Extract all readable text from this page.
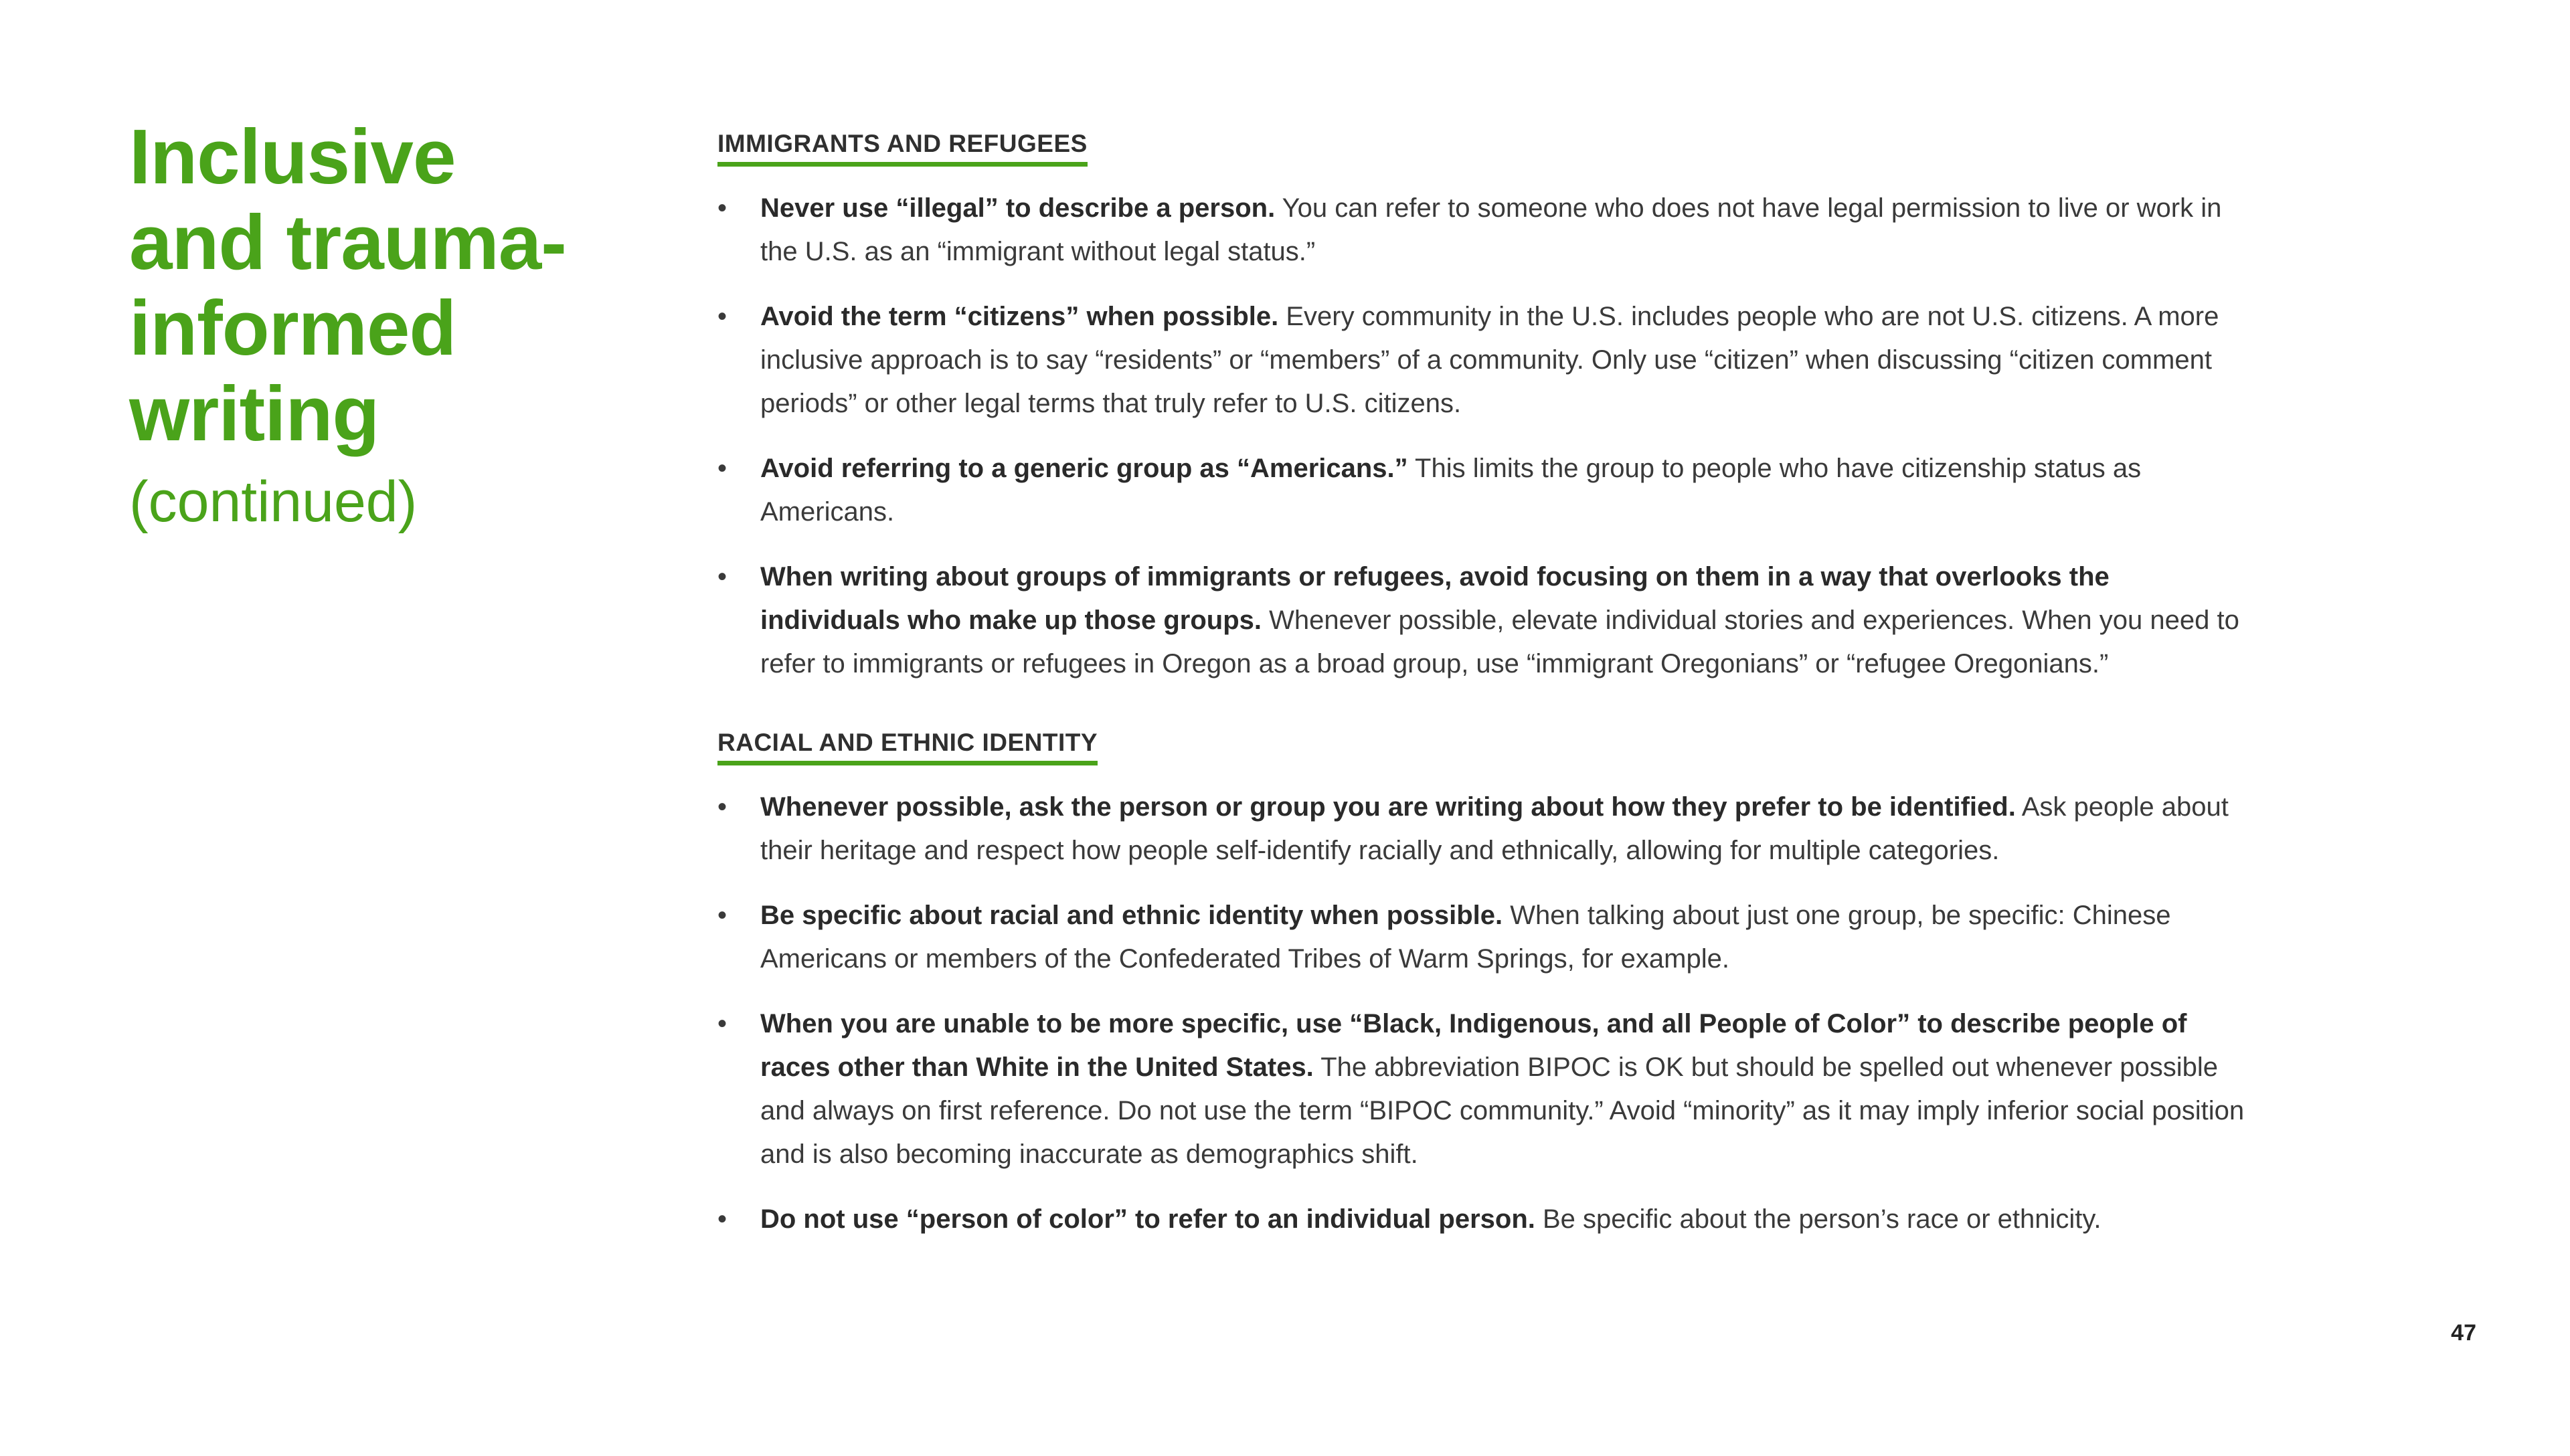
Inclusive
and trauma-
informed
writing
(continued)
IMMIGRANTS AND REFUGEES
•	Never use “illegal” to describe a person. You can refer to someone who does not have legal permission to live or work in the U.S. as an “immigrant without legal status.”
•	Avoid the term “citizens” when possible. Every community in the U.S. includes people who are not U.S. citizens. A more inclusive approach is to say “residents” or “members” of a community. Only use “citizen” when discussing “citizen comment periods” or other legal terms that truly refer to U.S. citizens.
•	Avoid referring to a generic group as “Americans.” This limits the group to people who have citizenship status as Americans.
•	When writing about groups of immigrants or refugees, avoid focusing on them in a way that overlooks the individuals who make up those groups. Whenever possible, elevate individual stories and experiences. When you need to refer to immigrants or refugees in Oregon as a broad group, use “immigrant Oregonians” or “refugee Oregonians.”
RACIAL AND ETHNIC IDENTITY
•	Whenever possible, ask the person or group you are writing about how they prefer to be identified. Ask people about their heritage and respect how people self-identify racially and ethnically, allowing for multiple categories.
•	Be specific about racial and ethnic identity when possible. When talking about just one group, be specific: Chinese Americans or members of the Confederated Tribes of Warm Springs, for example.
•	When you are unable to be more specific, use “Black, Indigenous, and all People of Color” to describe people of races other than White in the United States. The abbreviation BIPOC is OK but should be spelled out whenever possible and always on first reference. Do not use the term “BIPOC community.” Avoid “minority” as it may imply inferior social position and is also becoming inaccurate as demographics shift.
•	Do not use “person of color” to refer to an individual person. Be specific about the person’s race or ethnicity.
47
